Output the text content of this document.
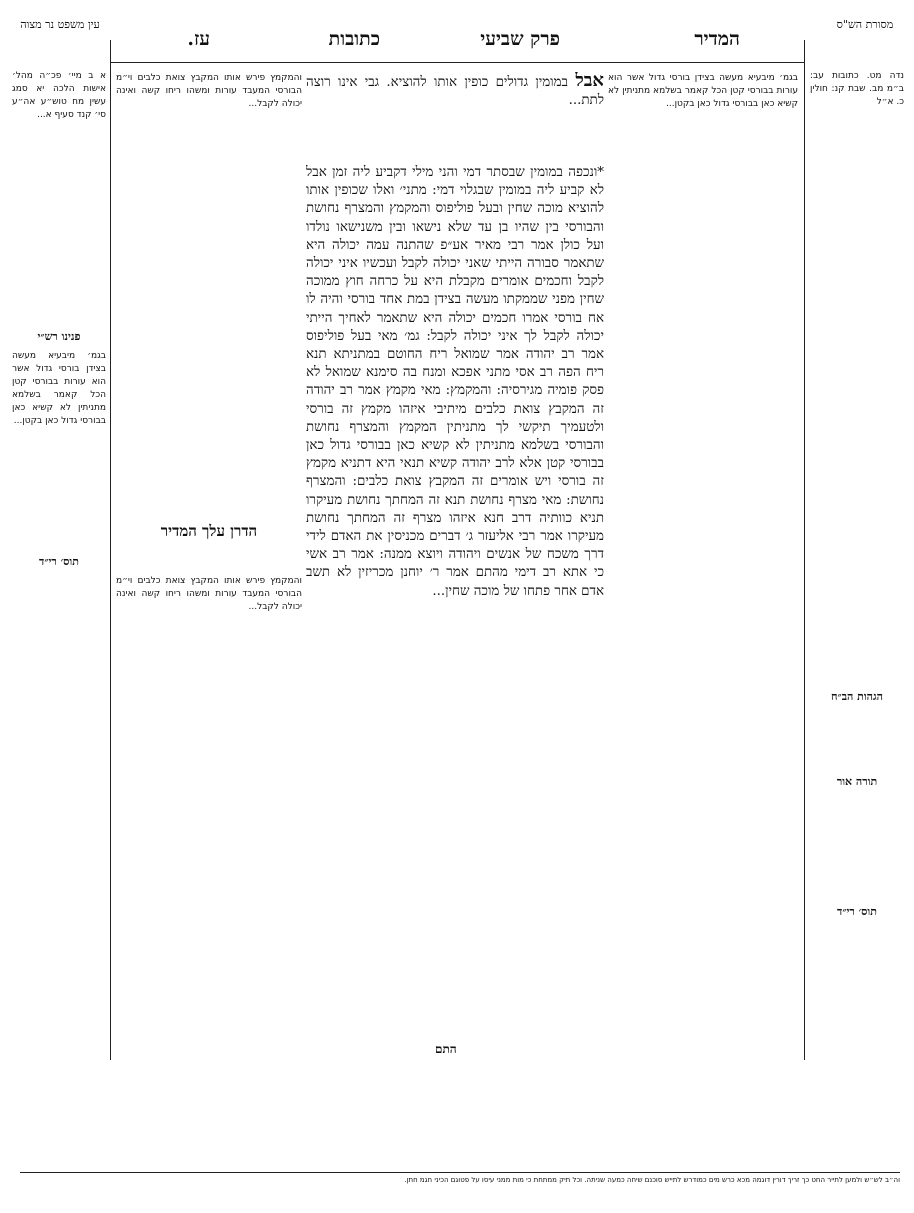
מסורת הש"ס
המדיר
פרק שביעי
כתובות
עז.
עין משפט נר מצוה
הגהות הב״ח
תורה אור
תוס׳ רי״ד
נדה מט. כתובות עב: ב״מ מב. שבת קנ: חולין כ. א״ל
פנינו רש״י
תוס׳ רי״ד
א ב מיי׳ פכ״ה מהל׳ אישות הלכה יא סמג עשין מח טוש״ע אה״ע סי׳ קנד סעיף א...
בגמ׳ מיבעיא מעשה בצידן בורסי גדול אשר הוא עורות בבורסי קטן הכל קאמר בשלמא מתניתין לא קשיא כאן בבורסי גדול כאן בקטן...
בגמ׳ מיבעיא מעשה בצידן בורסי גדול אשר הוא עורות בבורסי קטן הכל קאמר בשלמא מתניתין לא קשיא כאן בבורסי גדול כאן בקטן...
והמקמץ פירש אותו המקבץ צואת כלבים וי״מ הבורסי המעבד עורות ומשהו ריחו קשה ואינה יכולה לקבל...
הדרן עלך המדיר
והמקמץ פירש אותו המקבץ צואת כלבים וי״מ הבורסי המעבד עורות ומשהו ריחו קשה ואינה יכולה לקבל...
אבל במומין גדולים כופין אותו להוציא. גבי אינו רוצה לתת...
*ונכפה במומין שבסתר דמי והני מילי דקביע ליה זמן אבל לא קביע ליה במומין שבגלוי דמי: מתני׳ ואלו שכופין אותו להוציא מוכה שחין ובעל פוליפוס והמקמץ והמצרף נחושת והבורסי בין שהיו בן עד שלא נישאו ובין משנישאו נולדו ועל כולן אמר רבי מאיר אע״פ שהתנה עמה יכולה היא שתאמר סבורה הייתי שאני יכולה לקבל ועכשיו איני יכולה לקבל וחכמים אומרים מקבלת היא על כרחה חוץ ממוכה שחין מפני שממקתו מעשה בצידן במת אחד בורסי והיה לו אח בורסי אמרו חכמים יכולה היא שתאמר לאחיך הייתי יכולה לקבל לך איני יכולה לקבל: גמ׳ מאי בעל פוליפוס אמר רב יהודה אמר שמואל ריח החוטם במתניתא תנא ריח הפה רב אסי מתני אפכא ומנח בה סימנא שמואל לא פסק פומיה מגירסיה: והמקמץ: מאי מקמץ אמר רב יהודה זה המקבץ צואת כלבים מיתיבי איזהו מקמץ זה בורסי ולטעמיך תיקשי לך מתניתין המקמץ והמצרף נחושת והבורסי בשלמא מתניתין לא קשיא כאן בבורסי גדול כאן בבורסי קטן אלא לרב יהודה קשיא תנאי היא דתניא מקמץ זה בורסי ויש אומרים זה המקבץ צואת כלבים: והמצרף נחושת: מאי מצרף נחושת תנא זה המחתך נחושת מעיקרו תניא כוותיה דרב חנא איזהו מצרף זה המחתך נחושת מעיקרו אמר רבי אליעזר ג׳ דברים מכניסין את האדם לידי דרך משכח של אנשים ויהודה ויוצא ממנה: אמר רב אשי כי אתא רב דימי מהתם אמר ר׳ יוחנן מכריזין לא תשב אדם אחר פתחו של מוכה שחין...
התם
וה״ב לש״ש ולמען לתייר החט כך זריך דורין דוגמה מכא כרש מים כמודרש לתייש סוכנם שיחה כמעה שניתה. וכל תיק ממתחת כי מות ממני עיסו על פטוגם הכיני חגמ חתן.
